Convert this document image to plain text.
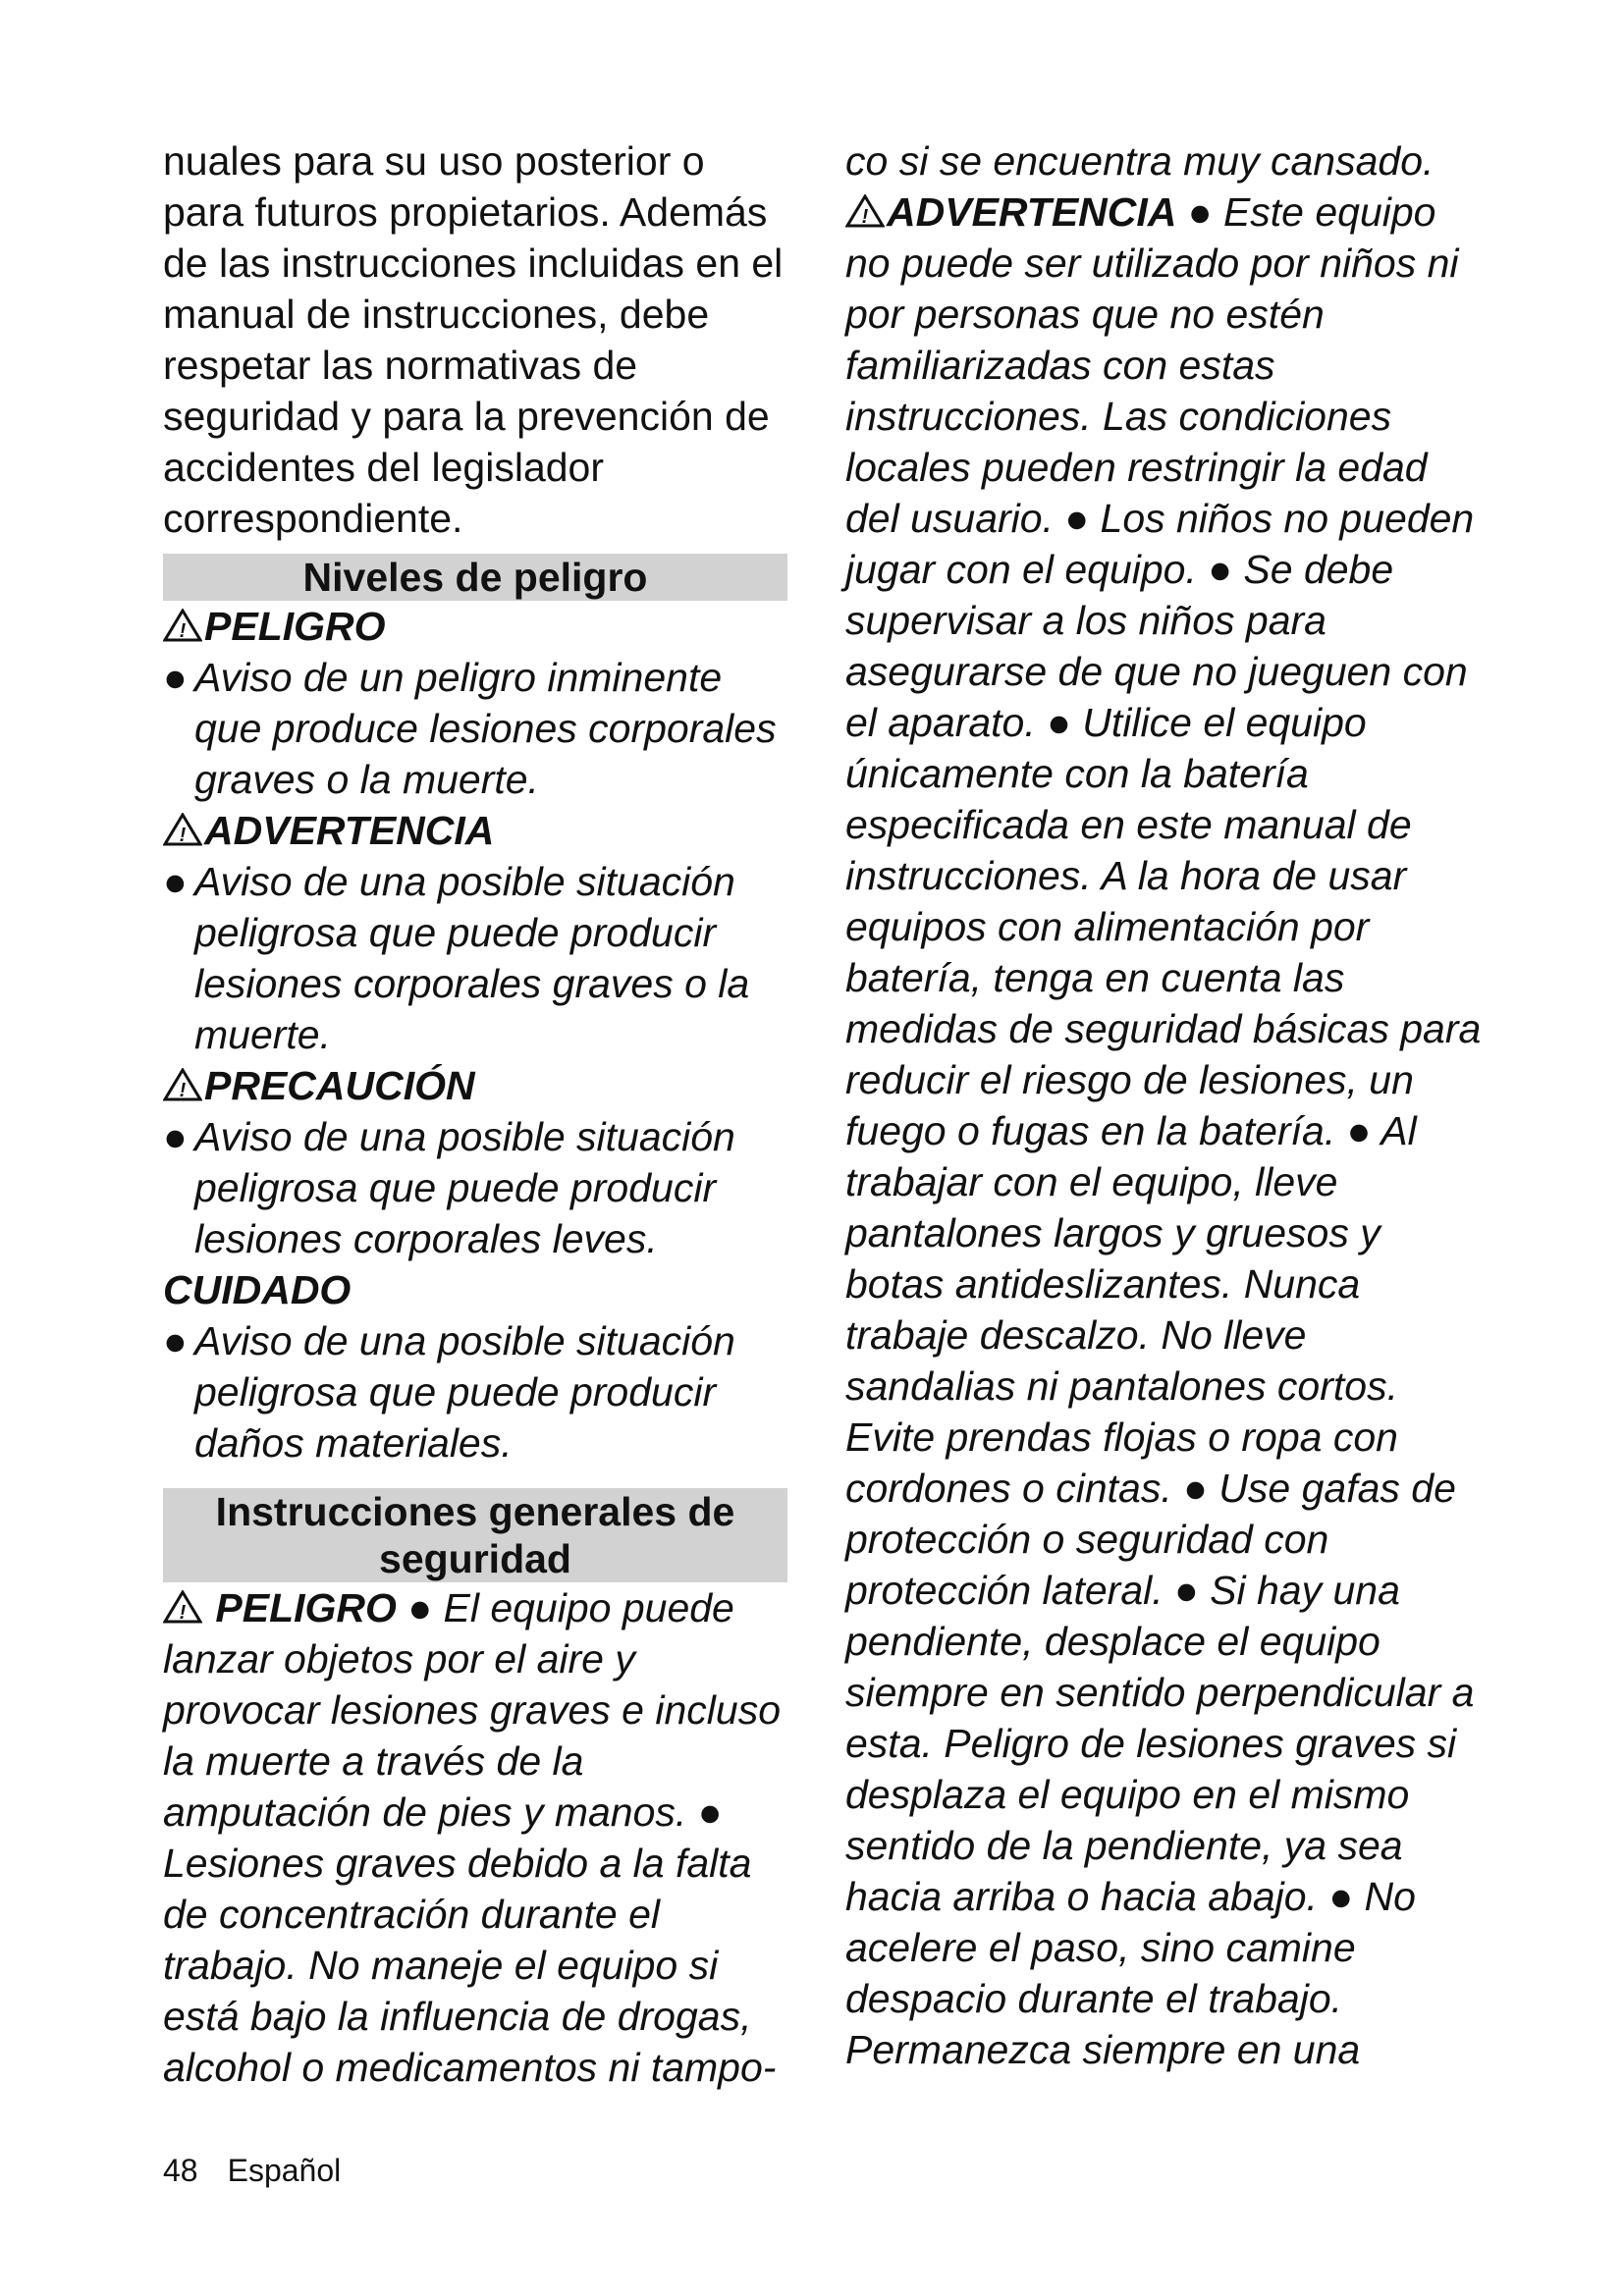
nuales para su uso posterior o para futuros propietarios. Además de las instrucciones incluidas en el manual de instrucciones, debe respetar las normativas de seguridad y para la prevención de accidentes del legislador correspondiente.

Niveles de peligro

! PELIGRO

● Aviso de un peligro inminente que produce lesiones corporales graves o la muerte.

! ADVERTENCIA

● Aviso de una posible situación peligrosa que puede producir lesiones corporales graves o la muerte.

! PRECAUCIÓN

● Aviso de una posible situación peligrosa que puede producir lesiones corporales leves.

CUIDADO

● Aviso de una posible situación peligrosa que puede producir daños materiales.

Instrucciones generales de seguridad

! PELIGRO ● El equipo puede lanzar objetos por el aire y provocar lesiones graves e incluso la muerte a través de la amputación de pies y manos. ● Lesiones graves debido a la falta de concentración durante el trabajo. No maneje el equipo si está bajo la influencia de drogas, alcohol o medicamentos ni tampo-

co si se encuentra muy cansado.

! ADVERTENCIA ● Este equipo no puede ser utilizado por niños ni por personas que no estén familiarizadas con estas instrucciones. Las condiciones locales pueden restringir la edad del usuario. ● Los niños no pueden jugar con el equipo. ● Se debe supervisar a los niños para asegurarse de que no jueguen con el aparato. ● Utilice el equipo únicamente con la batería especificada en este manual de instrucciones. A la hora de usar equipos con alimentación por batería, tenga en cuenta las medidas de seguridad básicas para reducir el riesgo de lesiones, un fuego o fugas en la batería. ● Al trabajar con el equipo, lleve pantalones largos y gruesos y botas antideslizantes. Nunca trabaje descalzo. No lleve sandalias ni pantalones cortos. Evite prendas flojas o ropa con cordones o cintas. ● Use gafas de protección o seguridad con protección lateral. ● Si hay una pendiente, desplace el equipo siempre en sentido perpendicular a esta. Peligro de lesiones graves si desplaza el equipo en el mismo sentido de la pendiente, ya sea hacia arriba o hacia abajo. ● No acelere el paso, sino camine despacio durante el trabajo. Permanezca siempre en una

48 Español
